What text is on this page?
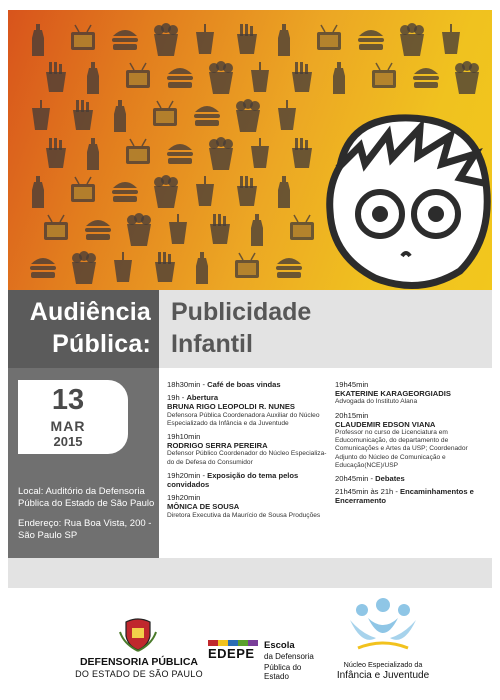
Audiência
Pública:
Publicidade
Infantil
13
MAR
2015
Local: Auditório da Defensoria Pública do Estado de São Paulo
Endereço: Rua Boa Vista, 200 - São Paulo SP
18h30min - Café de boas vindas
19h - Abertura
BRUNA RIGO LEOPOLDI R. NUNES
Defensora Pública Coordenadora Auxiliar do Núcleo Especializado da Infância e da Juventude
19h10min
RODRIGO SERRA PEREIRA
Defensor Público Coordenador do Núcleo Especializa-do de Defesa do Consumidor
19h20min - Exposição do tema pelos convidados
19h20min
MÔNICA DE SOUSA
Diretora Executiva da Maurício de Sousa Produções
19h45min
EKATERINE KARAGEORGIADIS
Advogada do Instituto Alana
20h15min
CLAUDEMIR EDSON VIANA
Professor no curso de Licenciatura em Educomunicação, do departamento de Comunicações e Artes da USP; Coordenador Adjunto do Núcleo de Comunicação e Educação(NCE)/USP
20h45min - Debates
21h45min às 21h - Encaminhamentos e Encerramento
DEFENSORIA PÚBLICA
DO ESTADO DE SÃO PAULO
EDEPE
Escola
da Defensoria
Pública do Estado
Núcleo Especializado da
Infância e Juventude
